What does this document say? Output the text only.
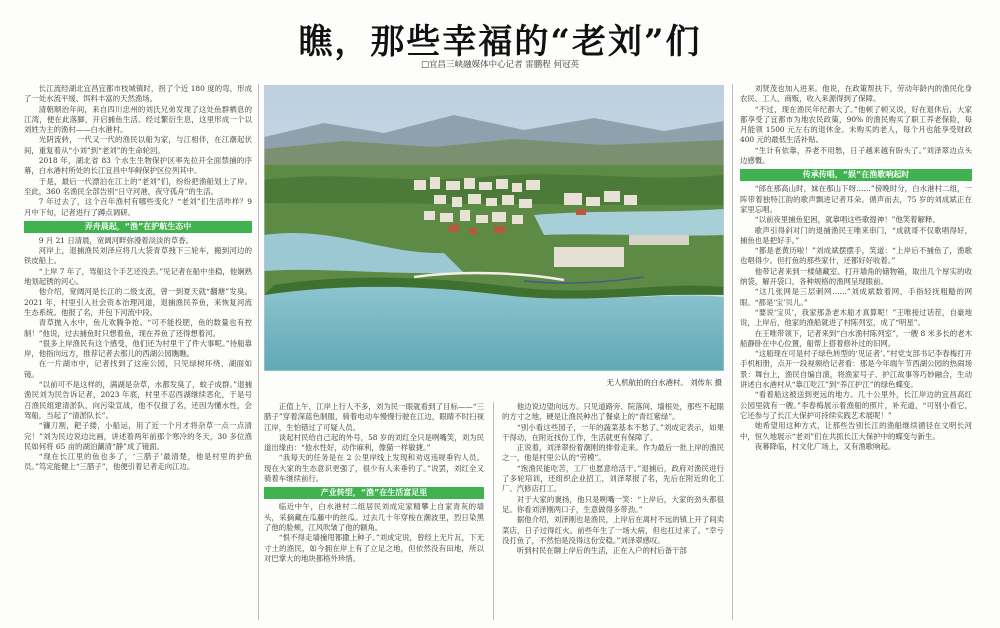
瞧，那些幸福的“老刘”们
□宜昌三峡融媒体中心记者 雷鹏程 何冠英

长江流经湖北宜昌宜都市枝城镇时，拐了个近 180 度的弯，形成了一处水流平缓、饵料丰富的天然渔场。

清朝顺治年间，来自四川忠州的刘氏兄弟发现了这处鱼群栖息的江湾，便在此落脚，开启捕鱼生活。经过繁衍生息，这里形成一个以刘姓为主的渔村——白水港村。

光阴流转，一代又一代的渔民以船为家，与江相伴，在江潮起伏间，重复着从“小刘”到“老刘”的生命轮回。

2018 年，湖北省 83 个水生生物保护区率先拉开全面禁捕的序幕，白水港村所处的长江宜昌中华鲟保护区位列其中。

于是，最后一代漂泊在江上的“老刘”们，纷纷把渔船划上了岸。至此，360 名渔民全部告别“日守河港，夜守孤舟”的生活。

7 年过去了，这个百年渔村有哪些变化？“老刘”们生活咋样？9 月中下旬，记者进行了蹲点调研。

弄舟晨起，“渔”在护航生态中

9 月 21 日清晨，宽阔河畔弥漫着淡淡的草香。

河岸上，退捕渔民刘泽应将几大袋青草拽下三轮车，搬到河边的铁皮船上。

“上岸 7 年了，驾船这个手艺还没丢。”见记者在船中坐稳，他娴熟地划起锈的河心。

他介绍，宽阔河是长江的二级支流，曾一到夏天就“翻塘”发臭。2021 年，村里引入社会资本治理河道，退捕渔民养鱼，来恢复河流生态系统。他报了名，并包下河流中段。

青草抛入水中，鱼儿欢腾争抢。“可不能投肥，鱼的数量也有控制！”他说，过去捕鱼时只想着鱼，现在养鱼了还得想着河。

“很多上岸渔民有这个感受，他们还为村里干了件大事呢。”待船靠岸，他指向远方，推荐记者去那儿的西湖公园瞧瞧。

在一片湖市中，记者找到了这座公园，只见绿树环绕、湖面如镜。

“以前可不是这样的，满湖是杂草，水都发臭了，蚊子成群。”退捕渔民刘为民告诉记者，2023 年底，村里不忍西湖继续恶化，于是号召渔民组建清淤队，向污染宣战，他不仅报了名，还因为懂水性，会驾船，当起了“清淤队长”。

“镰刀割，耙子搂，小船运，用了近一个月才将杂草一点一点清完！”刘为民边说边比画，讲述着两年前那个寒冷的冬天，30 多位渔民如何将 65 亩的湖泊涮清“静”成了镜面。

“现在长江里的鱼也多了，‘三腊子’最清楚，他是村里的护鱼员。”笃定能健上“三腊子”，他便引着记者走向江边。

无人机航拍的白水港村。 刘传东 摄

正值上午，江岸上行人不多，刘为民一眼就看到了目标——“三腊子”穿着深蓝色制服，骑着电动车慢慢行驶在江边，眼睛不时扫视江岸，生怕错过了可疑人员。

谈起村民给自己起的外号，58 岁的刘红全只是咧嘴笑，刘为民道出缘由：“他水性好，动作麻利，像猫一样敏捷。”

“我每天的任务是在 2 公里岸线上发现和劝返违规垂钓人员。现在大家的生态意识更强了，很少有人来垂钓了。”说罢，刘红全又骑着车继续前行。

产业转型，“渔”在生活富足里

临近中午，白水港村二组居民刘成定家精攀上自家青灰的墙头，采摘藏在瓜藤中的丝瓜。过去几十年穿梭在潮波里，烈日染黑了他的脸颊，江风吹皱了他的额角。

“恨不得走墙撞甩都撒上种子。”刘成定说，曾经上无片瓦，下无寸土的渔民，如今拥在岸上有了立足之地，但依然没有田地，所以对巴掌大的地块都格外珍惜。

他边说边望向远方。只见道路旁、院落间、墙根处，那些不起眼的方寸之地，硬是让渔民种出了餐桌上的“青红紫绿”。

“别小看这些园子，一年的蔬菜基本不愁了。”刘成定表示，如果干得动，在附近找份工作，生活就更有保障了。

正说着，刘泽翠扮着潮刚的排骨走来。作为最后一批上岸的渔民之一，他是村里公认的“劳模”。

“饱渔民能吃苦，工厂也愿意给活干。”退捕后，政府对渔民进行了多轮培训，还组织企业招工，刘泽翠报了名，先后在附近的化工厂、汽修店打工。

对于大家的褒扬，他只是咧嘴一笑：“上岸后，大家的劲头都很足。你看刘泽刚两口子，生意做得多带劲。”

据他介绍，刘泽刚也是渔民，上岸后在离村不远的镇上开了间卖菜店，日子过得红火。前些年生了一场大病，但也扛过来了。“幸亏没打鱼了，不然怕是没得这份安稳。”刘泽翠感叹。

听到村民在聊上岸后的生活，正在入户的村后备干部

刘贤茂也加入进来。他说，在政策帮扶下，劳动年龄内的渔民化身农民、工人、商贩，收入来源得到了保障。

“不过，现在渔民年纪都大了。”他顿了顿又说，好在退休后，大家都享受了宜都市为地农民政策，90% 的渔民购买了职工养老保险，每月能领 1500 元左右的退休金。未购买的老人，每个月也能享受财政 400 元的最低生活补贴。

“生计有依靠，养老不用愁，日子越来越有盼头了。”刘泽翠边点头边感慨。

传承传唱，“娱”在渔歌响起时

“郎在那高山时，妹在那山下呀……”傍晚时分，白水港村二组，一阵带着独特江韵的歌声飘进记者耳朵。循声而去，75 岁的刘成斌正在家里忘唱。

“以前夜里捕鱼犯困，就靠唱这些歌提神！”他笑着解释。

歌声引得斜对门的退捕渔民王唯来串门，“成就哥不仅歌唱得好，捕鱼也是把好手。”

“都是老黄历啦！”刘成斌摆摆手，笑道：“上岸后不捕鱼了，渔歌也唱得少。但打鱼的那些家什，还都好好收着。”

他带记者来到一楼储藏室。打开墙角的储物箱，取出几个厚实的收纳袋，解开袋口，各种规格的渔网呈现眼前。

“这几张网是三层刺网……”刘成斌数着网，手指轻抚粗糙的网眼。“都是‘宝’贝儿。”

“要说‘宝贝’，我家那条老木船才真算呢！”王唯接过话茬，自豪地说，上岸后，他家的渔船就进了村陈列室，成了“明星”。

在王唯带领下，记者来到“白水渔村陈列室”，一艘 8 米多长的老木船静卧在中心位置，船帮上搭着修补过的旧网。

“这船现在可是村子绿色转型的‘见证者’。”村党支部书记李春梅打开手机相册，点开一段视频给记者看：那是今年端午节西湖公园的热闹场景：舞台上，渔民自编自演，将渔家号子、护江故事等巧妙融合，生动讲述白水港村从“靠江吃江”到“养江护江”的绿色蝶变。

“看着船这被送到更远的地方。几十公里外，长江岸边的宜昌高红公园里就有一艘。”李春梅展示着渔船的照片，补充道，“可别小看它，它还参与了长江大保护可持续实践艺术展呢！”

她希望用这种方式，让那些告别长江的渔船继续循径在文明长河中，恒久地展示“老刘”们在共抓长江大保护中的蝶变与新生。

夜幕降临，村文化广场上，又有渔歌响起。
